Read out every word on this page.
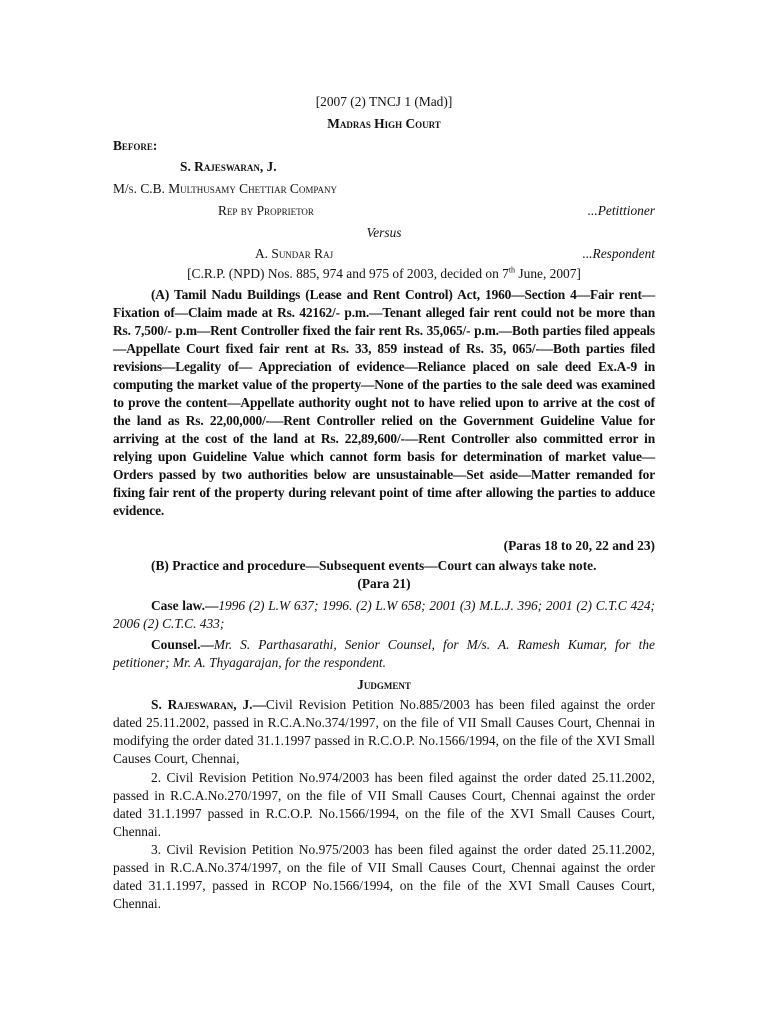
[2007 (2) TNCJ 1 (Mad)]
Madras High Court
Before:
S. Rajeswaran, J.
M/s. C.B. Multhusamy Chettiar Company
Rep by Proprietor	...Petittioner
Versus
A. Sundar Raj	...Respondent
[C.R.P. (NPD) Nos. 885, 974 and 975 of 2003, decided on 7th June, 2007]
(A) Tamil Nadu Buildings (Lease and Rent Control) Act, 1960—Section 4—Fair rent—Fixation of—Claim made at Rs. 42162/- p.m.—Tenant alleged fair rent could not be more than Rs. 7,500/- p.m—Rent Controller fixed the fair rent Rs. 35,065/- p.m.—Both parties filed appeals—Appellate Court fixed fair rent at Rs. 33, 859 instead of Rs. 35, 065/-—Both parties filed revisions—Legality of— Appreciation of evidence—Reliance placed on sale deed Ex.A-9 in computing the market value of the property—None of the parties to the sale deed was examined to prove the content—Appellate authority ought not to have relied upon to arrive at the cost of the land as Rs. 22,00,000/-—Rent Controller relied on the Government Guideline Value for arriving at the cost of the land at Rs. 22,89,600/-—Rent Controller also committed error in relying upon Guideline Value which cannot form basis for determination of market value—Orders passed by two authorities below are unsustainable—Set aside—Matter remanded for fixing fair rent of the property during relevant point of time after allowing the parties to adduce evidence.
(Paras 18 to 20, 22 and 23)
(B) Practice and procedure—Subsequent events—Court can always take note.
(Para 21)
Case law.—1996 (2) L.W 637; 1996. (2) L.W 658; 2001 (3) M.L.J. 396; 2001 (2) C.T.C 424; 2006 (2) C.T.C. 433;
Counsel.—Mr. S. Parthasarathi, Senior Counsel, for M/s. A. Ramesh Kumar, for the petitioner; Mr. A. Thyagarajan, for the respondent.
Judgment
S. Rajeswaran, J.—Civil Revision Petition No.885/2003 has been filed against the order dated 25.11.2002, passed in R.C.A.No.374/1997, on the file of VII Small Causes Court, Chennai in modifying the order dated 31.1.1997 passed in R.C.O.P. No.1566/1994, on the file of the XVI Small Causes Court, Chennai,
2. Civil Revision Petition No.974/2003 has been filed against the order dated 25.11.2002, passed in R.C.A.No.270/1997, on the file of VII Small Causes Court, Chennai against the order dated 31.1.1997 passed in R.C.O.P. No.1566/1994, on the file of the XVI Small Causes Court, Chennai.
3. Civil Revision Petition No.975/2003 has been filed against the order dated 25.11.2002, passed in R.C.A.No.374/1997, on the file of VII Small Causes Court, Chennai against the order dated 31.1.1997, passed in RCOP No.1566/1994, on the file of the XVI Small Causes Court, Chennai.
